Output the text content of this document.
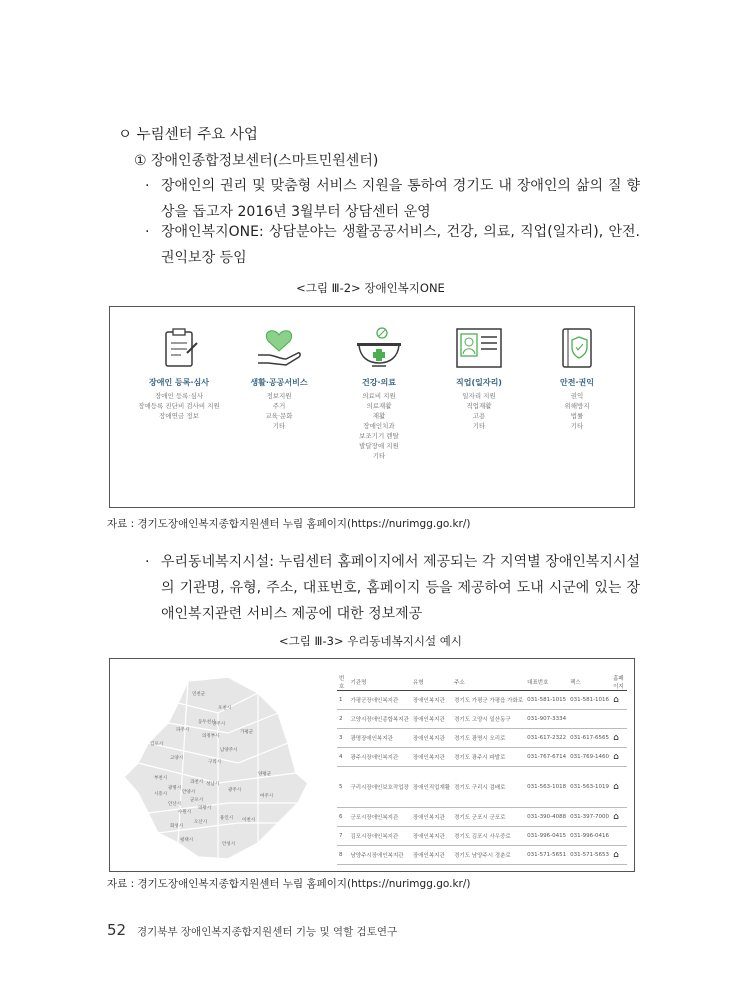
ㅇ 누림센터 주요 사업
① 장애인종합정보센터(스마트민원센터)
· 장애인의 권리 및 맞춤형 서비스 지원을 통하여 경기도 내 장애인의 삶의 질 향상을 돕고자 2016년 3월부터 상담센터 운영
· 장애인복지ONE: 상담분야는 생활공공서비스, 건강, 의료, 직업(일자리), 안전.권익보장 등임
<그림 Ⅲ-2> 장애인복지ONE
장애인 등록·심사
장애인 등록·심사
장애등록 진단비 검사비 지원
장애연금 정보
생활·공공서비스
정보지원
주거
교육·문화
기타
건강·의료
의료비 지원
의료재활
재활
장애인치과
보조기기 렌탈
발달장애 지원
기타
직업(일자리)
일자리 지원
직업재활
고용
기타
안전·권익
권익
위해방지
법률
기타
자료 : 경기도장애인복지종합지원센터 누림 홈페이지(https://nurimgg.go.kr/)
· 우리동네복지시설: 누림센터 홈페이지에서 제공되는 각 지역별 장애인복지시설의 기관명, 유형, 주소, 대표번호, 홈페이지 등을 제공하여 도내 시군에 있는 장애인복지관련 서비스 제공에 대한 정보제공
<그림 Ⅲ-3> 우리동네복지시설 예시
연천군
포천시
동두천시
파주시
양주시
가평군
김포시
고양시
의정부시
남양주시
구리시
양평군
부천시
광명시
시흥시	안양시
과천시 성남시
광주시
여주시
안산시
군포시
의왕시
수원시
화성시
오산시
용인시 이천시
평택시
안성시
번호	기관명	유형	주소	대표번호	팩스	홈페이지
1	가평군장애인복지관	장애인복지관	경기도 가평군 가평읍 가화로	031-581-1015	031-581-1016	⌂
2	고양시장애인종합복지관	장애인복지관	경기도 고양시 일산동구	031-907-3334		
3	광명장애인복지관	장애인복지관	경기도 광명시 오리로	031-617-2322	031-617-6565	⌂
4	광주시장애인복지관	장애인복지관	경기도 광주시 파발로	031-767-6714	031-769-1460	⌂
5	구리시장애인보호작업장	장애인직업재활	경기도 구리시 검배로	031-563-1018	031-563-1019	⌂
6	군포시장애인복지관	장애인복지관	경기도 군포시 군포로	031-390-4088	031-397-7000	⌂
7	김포시장애인복지관	장애인복지관	경기도 김포시 사우중로	031-996-0415	031-996-0416	
8	남양주시장애인복지관	장애인복지관	경기도 남양주시 경춘로	031-571-5651	031-571-5653	⌂
자료 : 경기도장애인복지종합지원센터 누림 홈페이지(https://nurimgg.go.kr/)
52 경기북부 장애인복지종합지원센터 기능 및 역할 검토연구
